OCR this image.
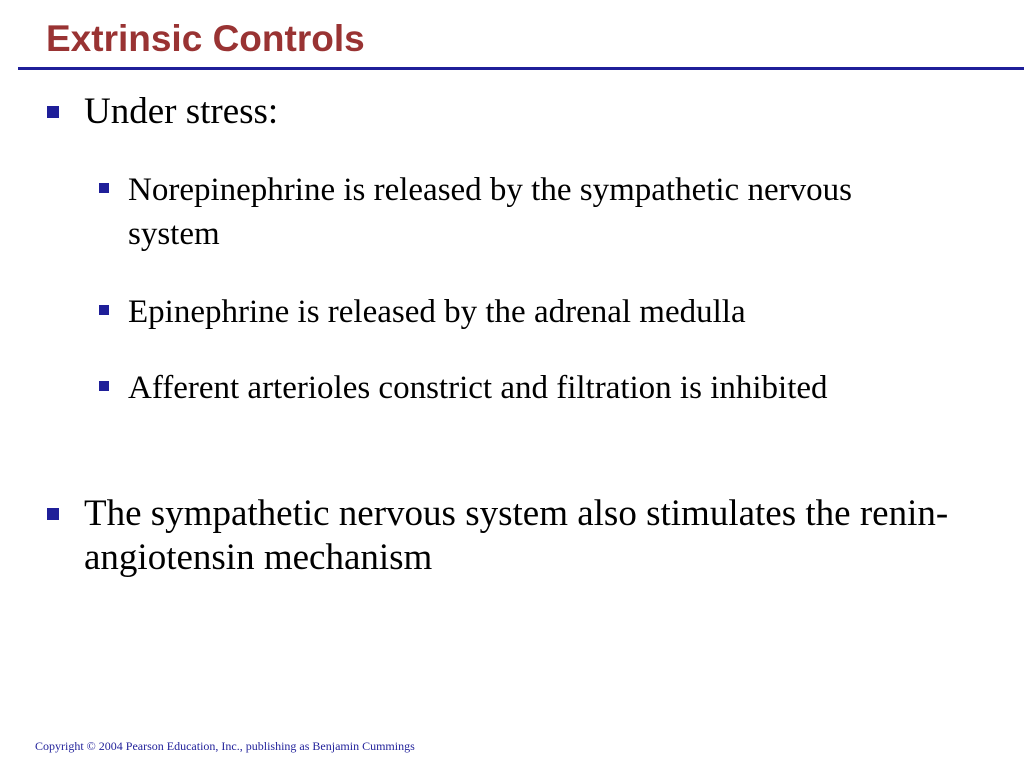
Extrinsic Controls
Under stress:
Norepinephrine is released by the sympathetic nervous system
Epinephrine is released by the adrenal medulla
Afferent arterioles constrict and filtration is inhibited
The sympathetic nervous system also stimulates the renin-angiotensin mechanism
Copyright © 2004 Pearson Education, Inc., publishing as Benjamin Cummings
